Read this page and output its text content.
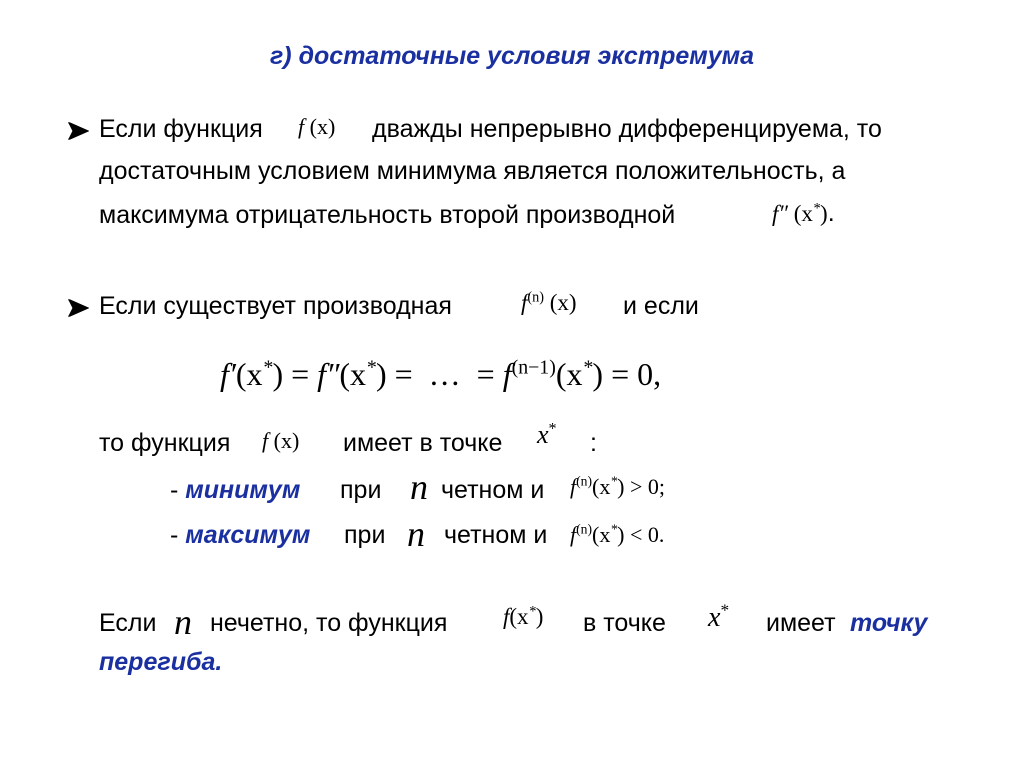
г) достаточные условия экстремума
Если функция f (x) дважды непрерывно дифференцируема, то
достаточным условием минимума является положительность, а
максимума отрицательность второй производной	f″ (x*).
Если существует производная	$f^{(n)}$ (x) и если
f′(x*) = f″(x*) = … = $f^{(n-1)}(x^*) = 0$,
то функция f (x) имеет в точке x*
:
- минимум при n четном и $f^{(n)}(x^*) > 0$;
- максимум при n четном и $f^{(n)}(x^*) < 0$.
Если n нечетно, то функция f(x*) в точке x* имеет точку
перегиба.
